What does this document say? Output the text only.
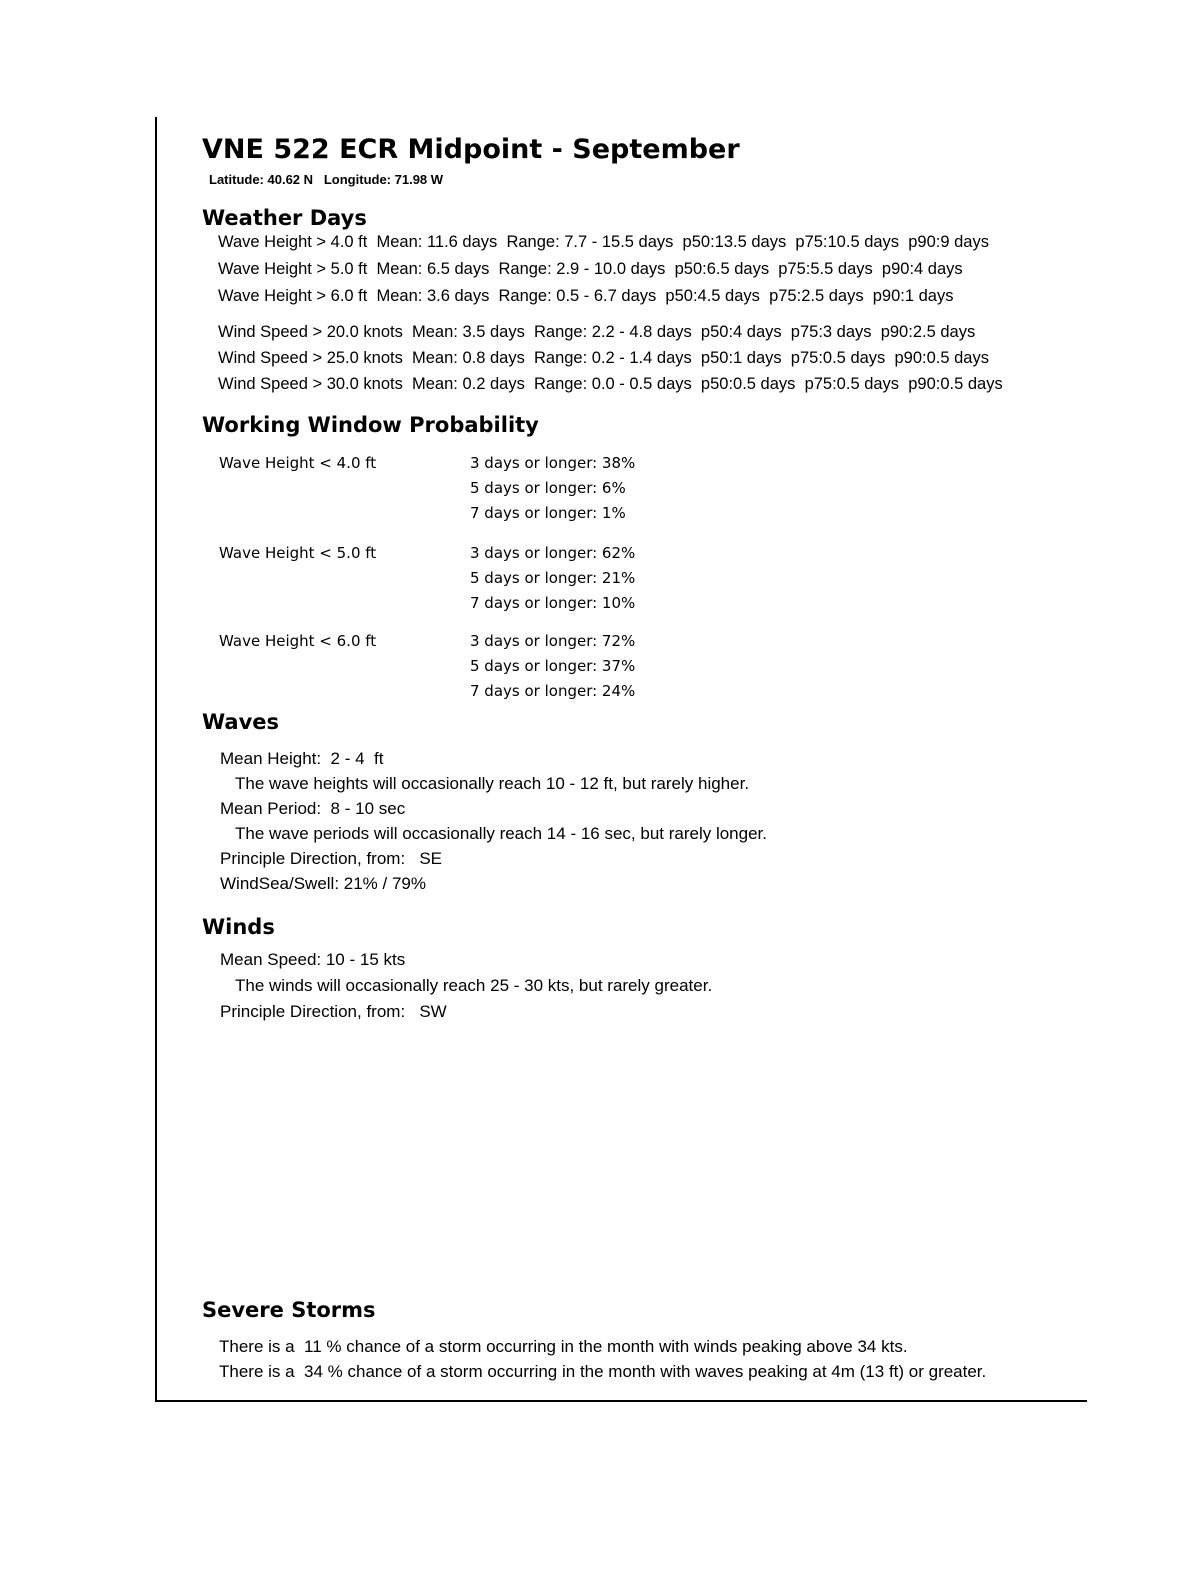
VNE 522 ECR Midpoint - September
Latitude: 40.62 N   Longitude: 71.98 W
Weather Days
Wave Height > 4.0 ft  Mean: 11.6 days  Range: 7.7 - 15.5 days  p50:13.5 days  p75:10.5 days  p90:9 days
Wave Height > 5.0 ft  Mean: 6.5 days  Range: 2.9 - 10.0 days  p50:6.5 days  p75:5.5 days  p90:4 days
Wave Height > 6.0 ft  Mean: 3.6 days  Range: 0.5 - 6.7 days  p50:4.5 days  p75:2.5 days  p90:1 days
Wind Speed > 20.0 knots  Mean: 3.5 days  Range: 2.2 - 4.8 days  p50:4 days  p75:3 days  p90:2.5 days
Wind Speed > 25.0 knots  Mean: 0.8 days  Range: 0.2 - 1.4 days  p50:1 days  p75:0.5 days  p90:0.5 days
Wind Speed > 30.0 knots  Mean: 0.2 days  Range: 0.0 - 0.5 days  p50:0.5 days  p75:0.5 days  p90:0.5 days
Working Window Probability
Wave Height < 4.0 ft	3 days or longer: 38%
5 days or longer: 6%
7 days or longer: 1%
Wave Height < 5.0 ft	3 days or longer: 62%
5 days or longer: 21%
7 days or longer: 10%
Wave Height < 6.0 ft	3 days or longer: 72%
5 days or longer: 37%
7 days or longer: 24%
Waves
Mean Height:  2 - 4  ft
The wave heights will occasionally reach 10 - 12 ft, but rarely higher.
Mean Period:  8 - 10 sec
The wave periods will occasionally reach 14 - 16 sec, but rarely longer.
Principle Direction, from:   SE
WindSea/Swell: 21% / 79%
Winds
Mean Speed: 10 - 15 kts
The winds will occasionally reach 25 - 30 kts, but rarely greater.
Principle Direction, from:   SW
Severe Storms
There is a  11 % chance of a storm occurring in the month with winds peaking above 34 kts.
There is a  34 % chance of a storm occurring in the month with waves peaking at 4m (13 ft) or greater.
